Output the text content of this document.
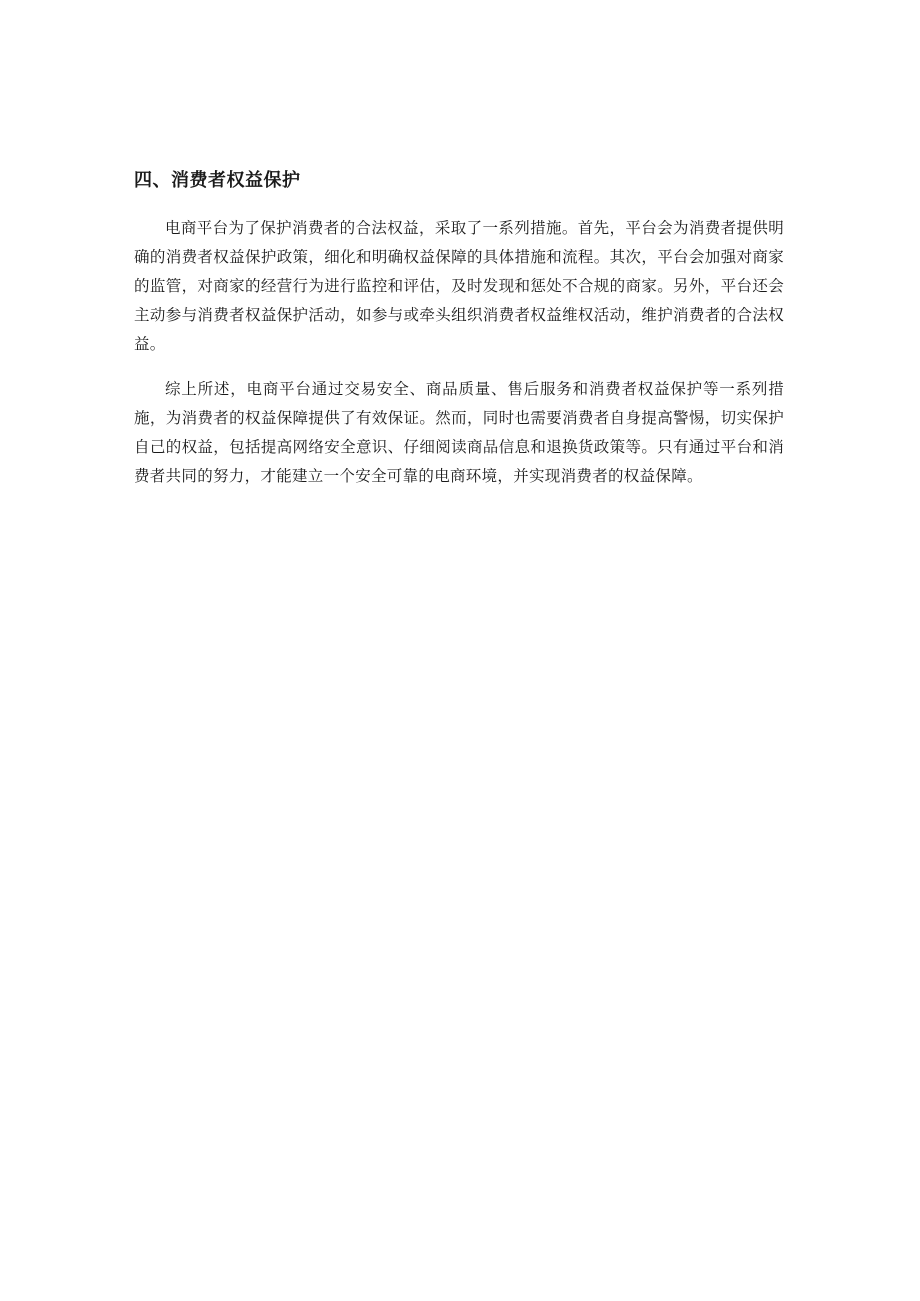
四、消费者权益保护

电商平台为了保护消费者的合法权益，采取了一系列措施。首先，平台会为消费者提供明确的消费者权益保护政策，细化和明确权益保障的具体措施和流程。其次，平台会加强对商家的监管，对商家的经营行为进行监控和评估，及时发现和惩处不合规的商家。另外，平台还会主动参与消费者权益保护活动，如参与或牵头组织消费者权益维权活动，维护消费者的合法权益。

综上所述，电商平台通过交易安全、商品质量、售后服务和消费者权益保护等一系列措施，为消费者的权益保障提供了有效保证。然而，同时也需要消费者自身提高警惕，切实保护自己的权益，包括提高网络安全意识、仔细阅读商品信息和退换货政策等。只有通过平台和消费者共同的努力，才能建立一个安全可靠的电商环境，并实现消费者的权益保障。
